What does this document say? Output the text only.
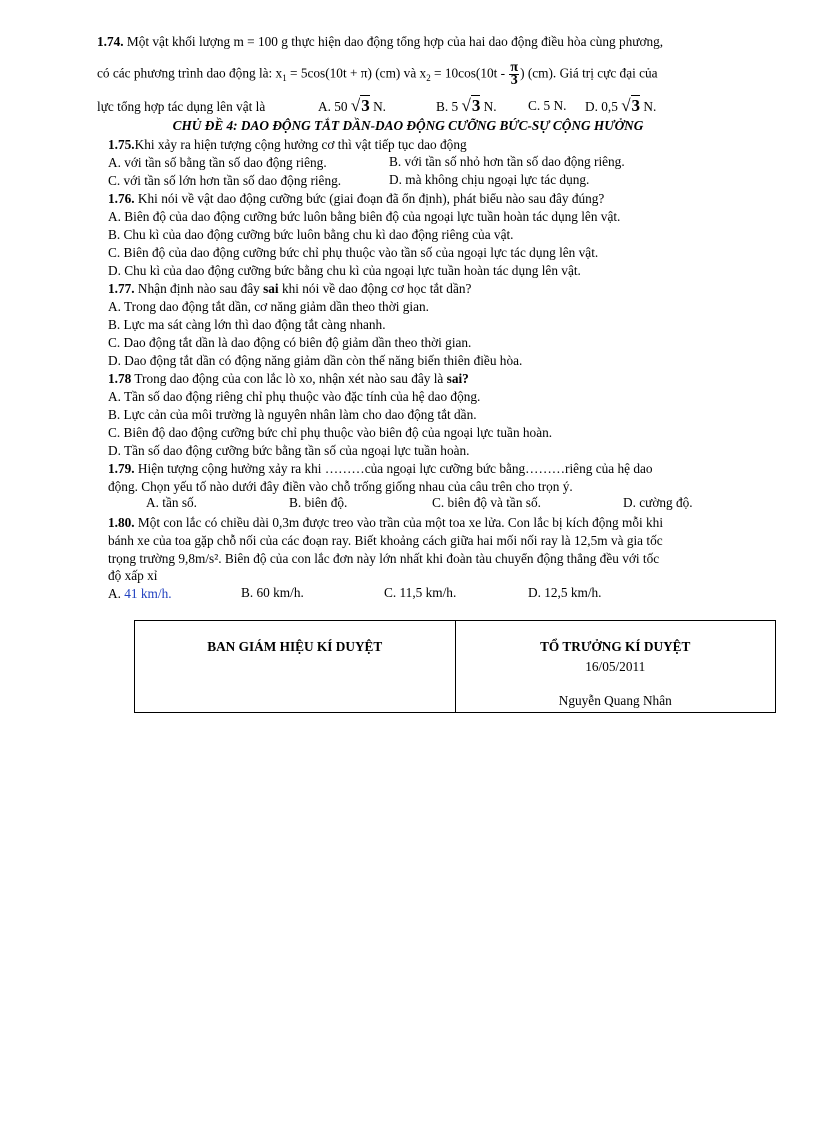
1.74. Một vật khối lượng m = 100 g thực hiện dao động tổng hợp của hai dao động điều hòa cùng phương,
có các phương trình dao động là: $x_1 = 5\cos(10t + \pi)$ (cm) và $x_2 = 10\cos(10t - \frac{\pi}{3}$ ) (cm). Giá trị cực đại của
lực tổng hợp tác dụng lên vật là	A. 50 √3 N.	B. 5 √3 N. C. 5 N. D. 0,5 √3 N.
CHỦ ĐỀ 4: DAO ĐỘNG TẮT DẦN-DAO ĐỘNG CƯỠNG BỨC-SỰ CỘNG HƯỞNG
1.75.Khi xảy ra hiện tượng cộng hưởng cơ thì vật tiếp tục dao động
A. với tần số bằng tần số dao động riêng.	B. với tần số nhỏ hơn tần số dao động riêng.
C. với tần số lớn hơn tần số dao động riêng.	D. mà không chịu ngoại lực tác dụng.
1.76. Khi nói về vật dao động cưỡng bức (giai đoạn đã ổn định), phát biểu nào sau đây đúng?
A. Biên độ của dao động cưỡng bức luôn bằng biên độ của ngoại lực tuần hoàn tác dụng lên vật.
B. Chu kì của dao động cưỡng bức luôn bằng chu kì dao động riêng của vật.
C. Biên độ của dao động cưỡng bức chỉ phụ thuộc vào tần số của ngoại lực tác dụng lên vật.
D. Chu kì của dao động cưỡng bức bằng chu kì của ngoại lực tuần hoàn tác dụng lên vật.
1.77. Nhận định nào sau đây sai khi nói về dao động cơ học tắt dần?
A. Trong dao động tắt dần, cơ năng giảm dần theo thời gian.
B. Lực ma sát càng lớn thì dao động tắt càng nhanh.
C. Dao động tắt dần là dao động có biên độ giảm dần theo thời gian.
D. Dao động tắt dần có động năng giảm dần còn thế năng biến thiên điều hòa.
1.78 Trong dao động của con lắc lò xo, nhận xét nào sau đây là sai?
A. Tần số dao động riêng chỉ phụ thuộc vào đặc tính của hệ dao động.
B. Lực cản của môi trường là nguyên nhân làm cho dao động tắt dần.
C. Biên độ dao động cưỡng bức chỉ phụ thuộc vào biên độ của ngoại lực tuần hoàn.
D. Tần số dao động cưỡng bức bằng tần số của ngoại lực tuần hoàn.
1.79. Hiện tượng cộng hưởng xảy ra khi ………của ngoại lực cưỡng bức bằng………riêng của hệ dao
động. Chọn yếu tố nào dưới đây điền vào chỗ trống giống nhau của câu trên cho trọn ý.
A. tần số.	B. biên độ.	C. biên độ và tần số.	D. cường độ.
1.80. Một con lắc có chiều dài 0,3m được treo vào trần của một toa xe lửa. Con lắc bị kích động mỗi khi
bánh xe của toa gặp chỗ nối của các đoạn ray. Biết khoảng cách giữa hai mối nối ray là 12,5m và gia tốc
trọng trường 9,8m/s². Biên độ của con lắc đơn này lớn nhất khi đoàn tàu chuyển động thẳng đều với tốc
độ xấp xỉ
A. 41 km/h.	B. 60 km/h.	C. 11,5 km/h.	D. 12,5 km/h.
BAN GIÁM HIỆU KÍ DUYỆT	TỔ TRƯỞNG KÍ DUYỆT
16/05/2011
Nguyễn Quang Nhân
